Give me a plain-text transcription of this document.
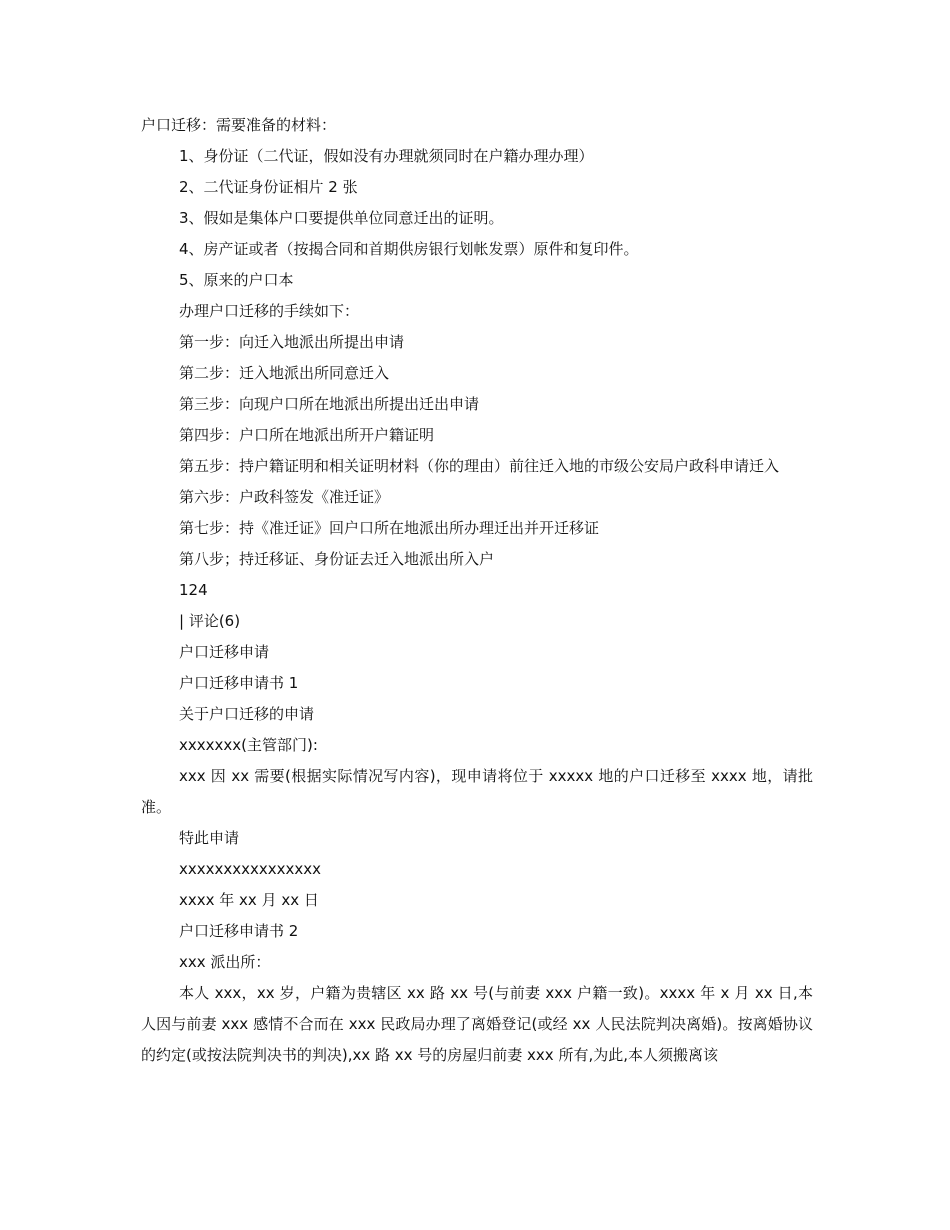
户口迁移：需要准备的材料：

1、身份证（二代证，假如没有办理就须同时在户籍办理办理）

2、二代证身份证相片 2 张

3、假如是集体户口要提供单位同意迁出的证明。

4、房产证或者（按揭合同和首期供房银行划帐发票）原件和复印件。

5、原来的户口本

办理户口迁移的手续如下：

第一步：向迁入地派出所提出申请

第二步：迁入地派出所同意迁入

第三步：向现户口所在地派出所提出迁出申请

第四步：户口所在地派出所开户籍证明

第五步：持户籍证明和相关证明材料（你的理由）前往迁入地的市级公安局户政科申请迁入

第六步：户政科签发《准迁证》

第七步：持《准迁证》回户口所在地派出所办理迁出并开迁移证

第八步；持迁移证、身份证去迁入地派出所入户

124

| 评论(6)

户口迁移申请

户口迁移申请书 1

关于户口迁移的申请

xxxxxxx(主管部门):

xxx 因 xx 需要(根据实际情况写内容)，现申请将位于 xxxxx 地的户口迁移至 xxxx 地，请批准。

特此申请

xxxxxxxxxxxxxxxx

xxxx 年 xx 月 xx 日

户口迁移申请书 2

xxx 派出所：

本人 xxx，xx 岁，户籍为贵辖区 xx 路 xx 号(与前妻 xxx 户籍一致)。xxxx 年 x 月 xx 日,本人因与前妻 xxx 感情不合而在 xxx 民政局办理了离婚登记(或经 xx 人民法院判决离婚)。按离婚协议的约定(或按法院判决书的判决),xx 路 xx 号的房屋归前妻 xxx 所有,为此,本人须搬离该
